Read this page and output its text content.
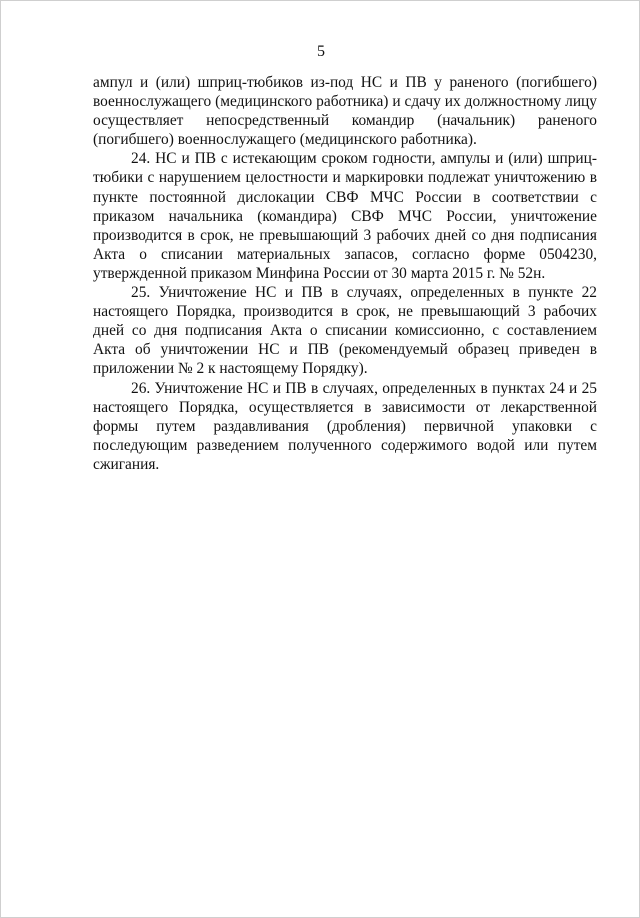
5

ампул и (или) шприц-тюбиков из-под НС и ПВ у раненого (погибшего) военнослужащего (медицинского работника) и сдачу их должностному лицу осуществляет непосредственный командир (начальник) раненого (погибшего) военнослужащего (медицинского работника).

24. НС и ПВ с истекающим сроком годности, ампулы и (или) шприц-тюбики с нарушением целостности и маркировки подлежат уничтожению в пункте постоянной дислокации СВФ МЧС России в соответствии с приказом начальника (командира) СВФ МЧС России, уничтожение производится в срок, не превышающий 3 рабочих дней со дня подписания Акта о списании материальных запасов, согласно форме 0504230, утвержденной приказом Минфина России от 30 марта 2015 г. № 52н.

25. Уничтожение НС и ПВ в случаях, определенных в пункте 22 настоящего Порядка, производится в срок, не превышающий 3 рабочих дней со дня подписания Акта о списании комиссионно, с составлением Акта об уничтожении НС и ПВ (рекомендуемый образец приведен в приложении № 2 к настоящему Порядку).

26. Уничтожение НС и ПВ в случаях, определенных в пунктах 24 и 25 настоящего Порядка, осуществляется в зависимости от лекарственной формы путем раздавливания (дробления) первичной упаковки с последующим разведением полученного содержимого водой или путем сжигания.
